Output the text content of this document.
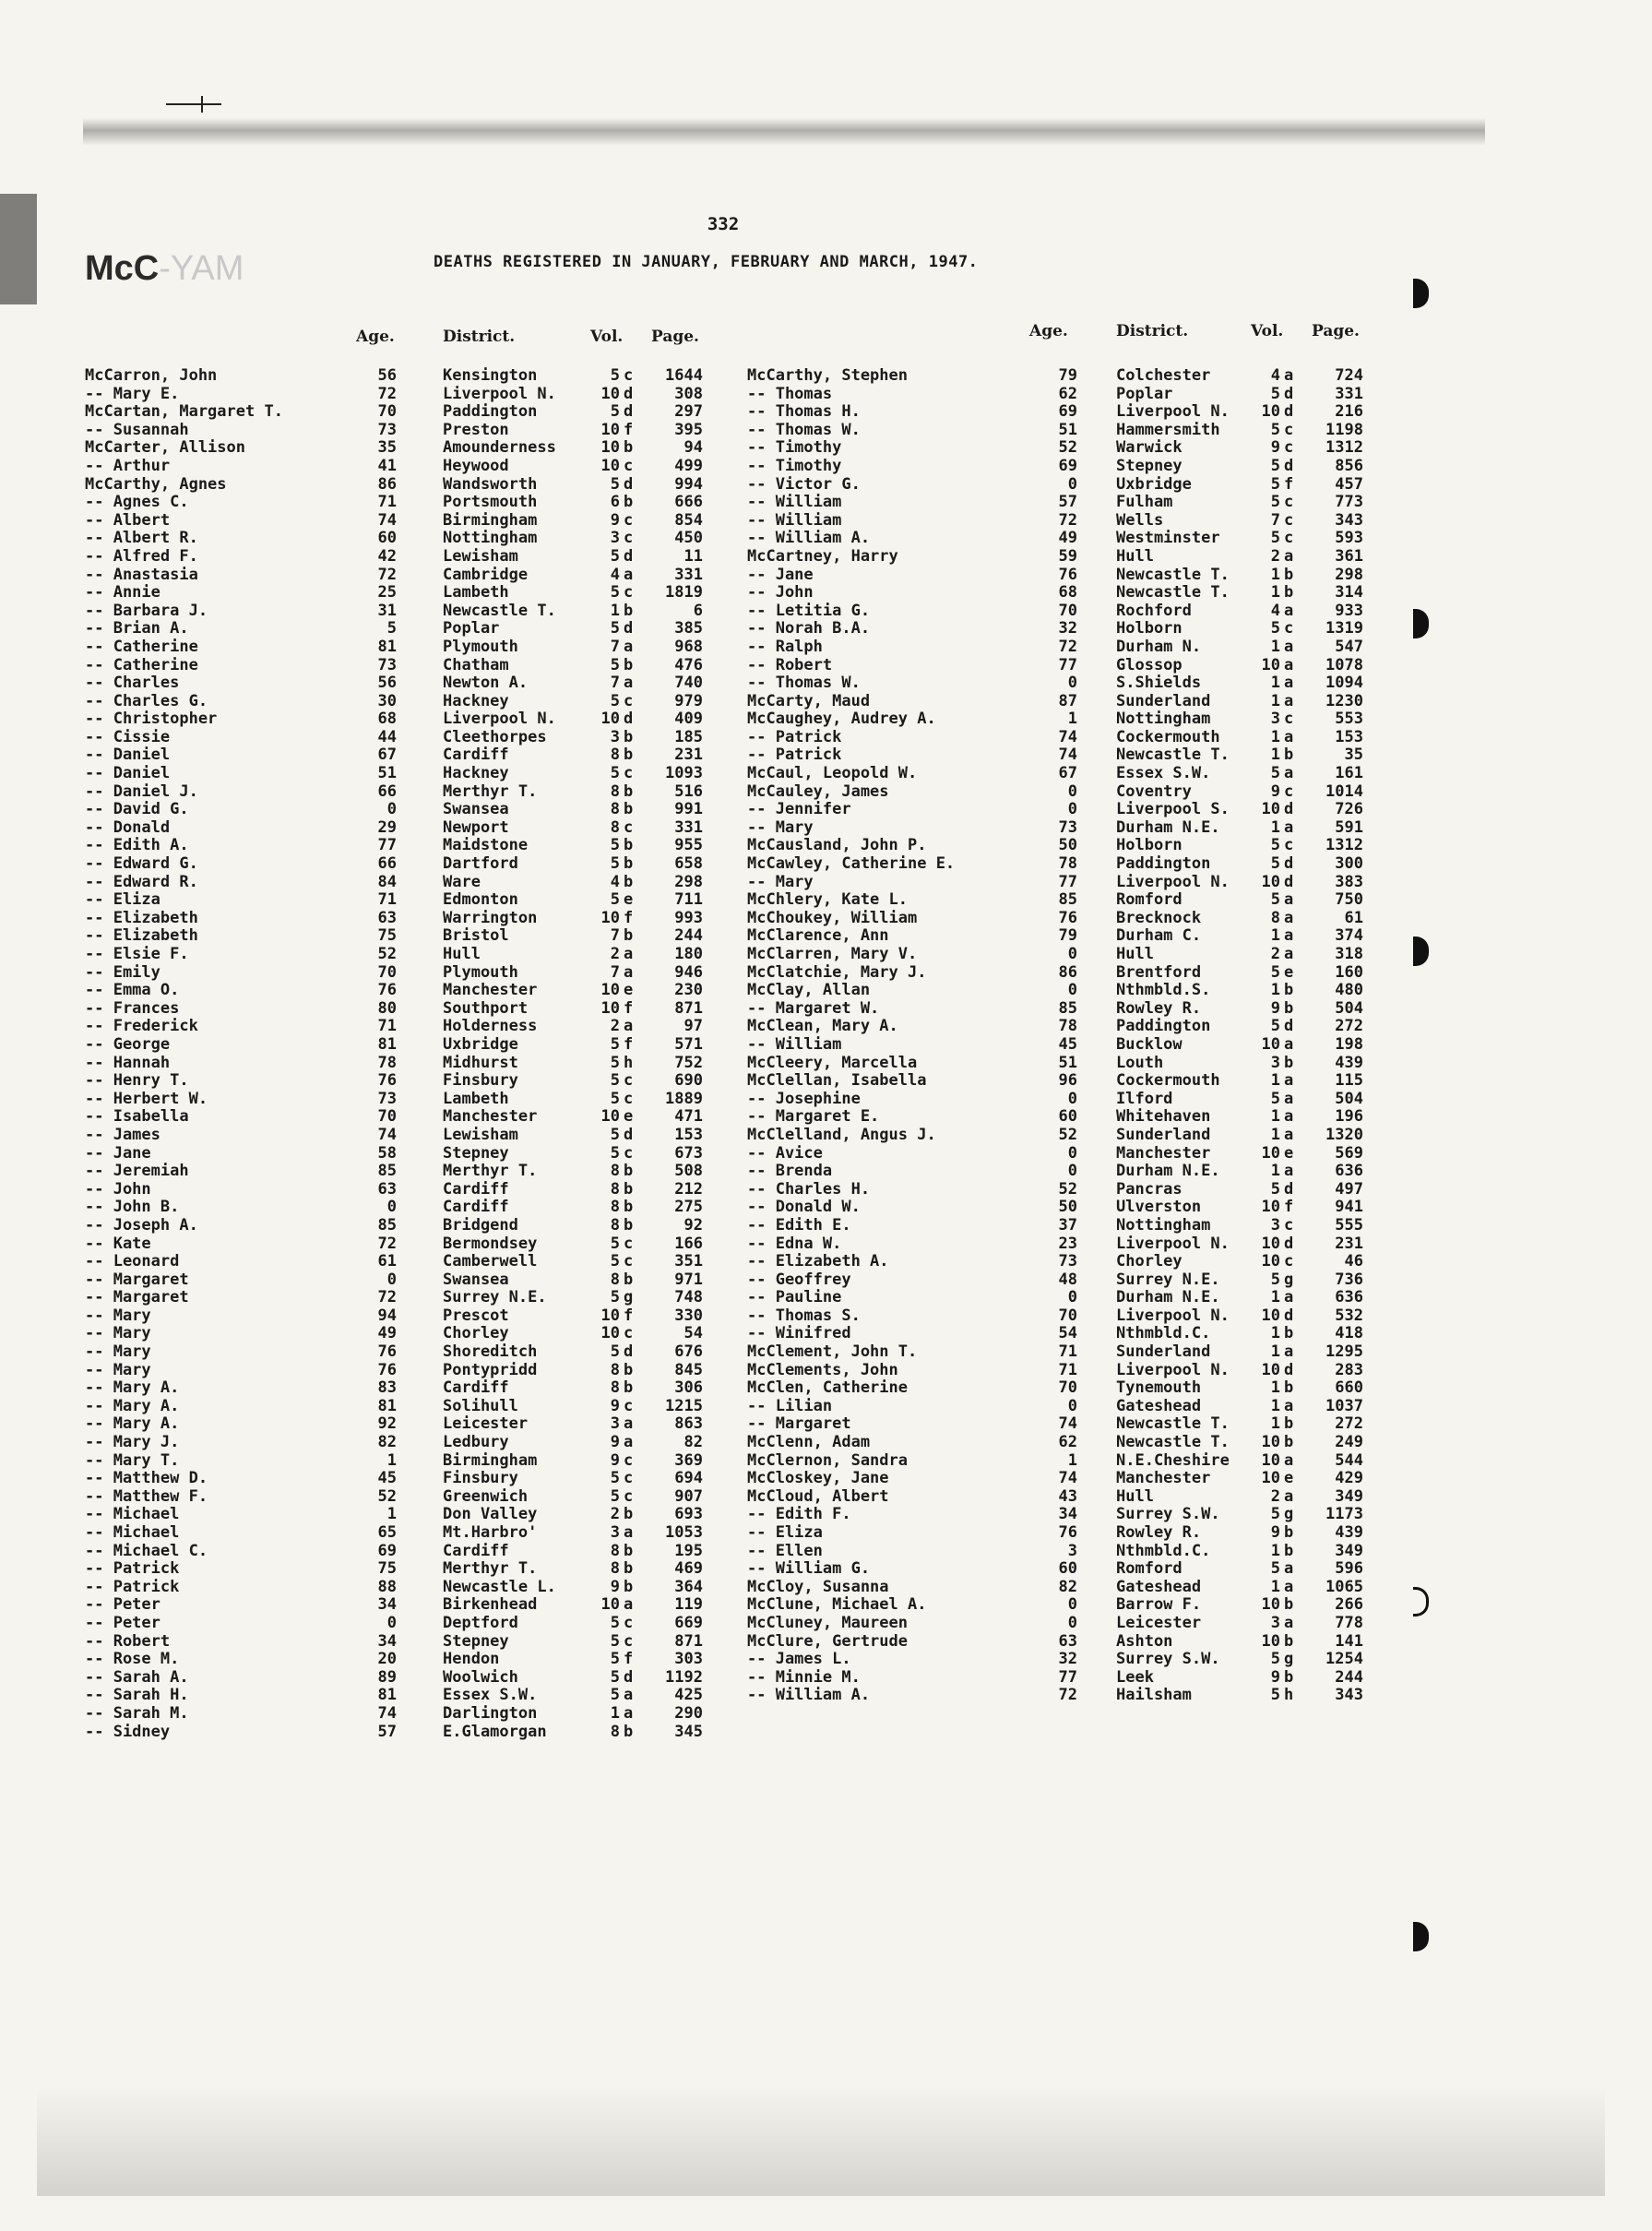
332
McC-YAM	DEATHS REGISTERED IN JANUARY, FEBRUARY AND MARCH, 1947.
Age.	District.	Vol. Page.	Age.	District.	Vol. Page.
McCarron, John	56	Kensington	5 c	1644
-- Mary E.	72	Liverpool N.	10 d	308
McCartan, Margaret T.	70	Paddington	5 d	297
-- Susannah	73	Preston	10 f	395
McCarter, Allison	35	Amounderness	10 b	94
-- Arthur	41	Heywood	10 c	499
McCarthy, Agnes	86	Wandsworth	5 d	994
-- Agnes C.	71	Portsmouth	6 b	666
-- Albert	74	Birmingham	9 c	854
-- Albert R.	60	Nottingham	3 c	450
-- Alfred F.	42	Lewisham	5 d	11
-- Anastasia	72	Cambridge	4 a	331
-- Annie	25	Lambeth	5 c	1819
-- Barbara J.	31	Newcastle T.	1 b	6
-- Brian A.	5	Poplar	5 d	385
-- Catherine	81	Plymouth	7 a	968
-- Catherine	73	Chatham	5 b	476
-- Charles	56	Newton A.	7 a	740
-- Charles G.	30	Hackney	5 c	979
-- Christopher	68	Liverpool N.	10 d	409
-- Cissie	44	Cleethorpes	3 b	185
-- Daniel	67	Cardiff	8 b	231
-- Daniel	51	Hackney	5 c	1093
-- Daniel J.	66	Merthyr T.	8 b	516
-- David G.	0	Swansea	8 b	991
-- Donald	29	Newport	8 c	331
-- Edith A.	77	Maidstone	5 b	955
-- Edward G.	66	Dartford	5 b	658
-- Edward R.	84	Ware	4 b	298
-- Eliza	71	Edmonton	5 e	711
-- Elizabeth	63	Warrington	10 f	993
-- Elizabeth	75	Bristol	7 b	244
-- Elsie F.	52	Hull	2 a	180
-- Emily	70	Plymouth	7 a	946
-- Emma O.	76	Manchester	10 e	230
-- Frances	80	Southport	10 f	871
-- Frederick	71	Holderness	2 a	97
-- George	81	Uxbridge	5 f	571
-- Hannah	78	Midhurst	5 h	752
-- Henry T.	76	Finsbury	5 c	690
-- Herbert W.	73	Lambeth	5 c	1889
-- Isabella	70	Manchester	10 e	471
-- James	74	Lewisham	5 d	153
-- Jane	58	Stepney	5 c	673
-- Jeremiah	85	Merthyr T.	8 b	508
-- John	63	Cardiff	8 b	212
-- John B.	0	Cardiff	8 b	275
-- Joseph A.	85	Bridgend	8 b	92
-- Kate	72	Bermondsey	5 c	166
-- Leonard	61	Camberwell	5 c	351
-- Margaret	0	Swansea	8 b	971
-- Margaret	72	Surrey N.E.	5 g	748
-- Mary	94	Prescot	10 f	330
-- Mary	49	Chorley	10 c	54
-- Mary	76	Shoreditch	5 d	676
-- Mary	76	Pontypridd	8 b	845
-- Mary A.	83	Cardiff	8 b	306
-- Mary A.	81	Solihull	9 c	1215
-- Mary A.	92	Leicester	3 a	863
-- Mary J.	82	Ledbury	9 a	82
-- Mary T.	1	Birmingham	9 c	369
-- Matthew D.	45	Finsbury	5 c	694
-- Matthew F.	52	Greenwich	5 c	907
-- Michael	1	Don Valley	2 b	693
-- Michael	65	Mt.Harbro'	3 a	1053
-- Michael C.	69	Cardiff	8 b	195
-- Patrick	75	Merthyr T.	8 b	469
-- Patrick	88	Newcastle L.	9 b	364
-- Peter	34	Birkenhead	10 a	119
-- Peter	0	Deptford	5 c	669
-- Robert	34	Stepney	5 c	871
-- Rose M.	20	Hendon	5 f	303
-- Sarah A.	89	Woolwich	5 d	1192
-- Sarah H.	81	Essex S.W.	5 a	425
-- Sarah M.	74	Darlington	1 a	290
-- Sidney	57	E.Glamorgan	8 b	345
McCarthy, Stephen	79 Colchester	4 a	724
-- Thomas	62 Poplar	5 d	331
-- Thomas H.	69 Liverpool N.	10 d	216
-- Thomas W.	51 Hammersmith	5 c	1198
-- Timothy	52 Warwick	9 c	1312
-- Timothy	69 Stepney	5 d	856
-- Victor G.	0 Uxbridge	5 f	457
-- William	57 Fulham	5 c	773
-- William	72 Wells	7 c	343
-- William A.	49 Westminster	5 c	593
McCartney, Harry	59 Hull	2 a	361
-- Jane	76 Newcastle T.	1 b	298
-- John	68 Newcastle T.	1 b	314
-- Letitia G.	70 Rochford	4 a	933
-- Norah B.A.	32 Holborn	5 c	1319
-- Ralph	72 Durham N.	1 a	547
-- Robert	77 Glossop	10 a	1078
-- Thomas W.	0 S.Shields	1 a	1094
McCarty, Maud	87 Sunderland	1 a	1230
McCaughey, Audrey A.	1 Nottingham	3 c	553
-- Patrick	74 Cockermouth	1 a	153
-- Patrick	74 Newcastle T.	1 b	35
McCaul, Leopold W.	67 Essex S.W.	5 a	161
McCauley, James	0 Coventry	9 c	1014
-- Jennifer	0 Liverpool S.	10 d	726
-- Mary	73 Durham N.E.	1 a	591
McCausland, John P.	50 Holborn	5 c	1312
McCawley, Catherine E.	78 Paddington	5 d	300
-- Mary	77 Liverpool N.	10 d	383
McChlery, Kate L.	85 Romford	5 a	750
McChoukey, William	76 Brecknock	8 a	61
McClarence, Ann	79 Durham C.	1 a	374
McClarren, Mary V.	0 Hull	2 a	318
McClatchie, Mary J.	86 Brentford	5 e	160
McClay, Allan	0 Nthmbld.S.	1 b	480
-- Margaret W.	85 Rowley R.	9 b	504
McClean, Mary A.	78 Paddington	5 d	272
-- William	45 Bucklow	10 a	198
McCleery, Marcella	51 Louth	3 b	439
McClellan, Isabella	96 Cockermouth	1 a	115
-- Josephine	0 Ilford	5 a	504
-- Margaret E.	60 Whitehaven	1 a	196
McClelland, Angus J.	52 Sunderland	1 a	1320
-- Avice	0 Manchester	10 e	569
-- Brenda	0 Durham N.E.	1 a	636
-- Charles H.	52 Pancras	5 d	497
-- Donald W.	50 Ulverston	10 f	941
-- Edith E.	37 Nottingham	3 c	555
-- Edna W.	23 Liverpool N.	10 d	231
-- Elizabeth A.	73 Chorley	10 c	46
-- Geoffrey	48 Surrey N.E.	5 g	736
-- Pauline	0 Durham N.E.	1 a	636
-- Thomas S.	70 Liverpool N.	10 d	532
-- Winifred	54 Nthmbld.C.	1 b	418
McClement, John T.	71 Sunderland	1 a	1295
McClements, John	71 Liverpool N.	10 d	283
McClen, Catherine	70 Tynemouth	1 b	660
-- Lilian	0 Gateshead	1 a	1037
-- Margaret	74 Newcastle T.	1 b	272
McClenn, Adam	62 Newcastle T.	10 b	249
McClernon, Sandra	1 N.E.Cheshire	10 a	544
McCloskey, Jane	74 Manchester	10 e	429
McCloud, Albert	43 Hull	2 a	349
-- Edith F.	34 Surrey S.W.	5 g	1173
-- Eliza	76 Rowley R.	9 b	439
-- Ellen	3 Nthmbld.C.	1 b	349
-- William G.	60 Romford	5 a	596
McCloy, Susanna	82 Gateshead	1 a	1065
McClune, Michael A.	0 Barrow F.	10 b	266
McCluney, Maureen	0 Leicester	3 a	778
McClure, Gertrude	63 Ashton	10 b	141
-- James L.	32 Surrey S.W.	5 g	1254
-- Minnie M.	77 Leek	9 b	244
-- William A.	72 Hailsham	5 h	343
